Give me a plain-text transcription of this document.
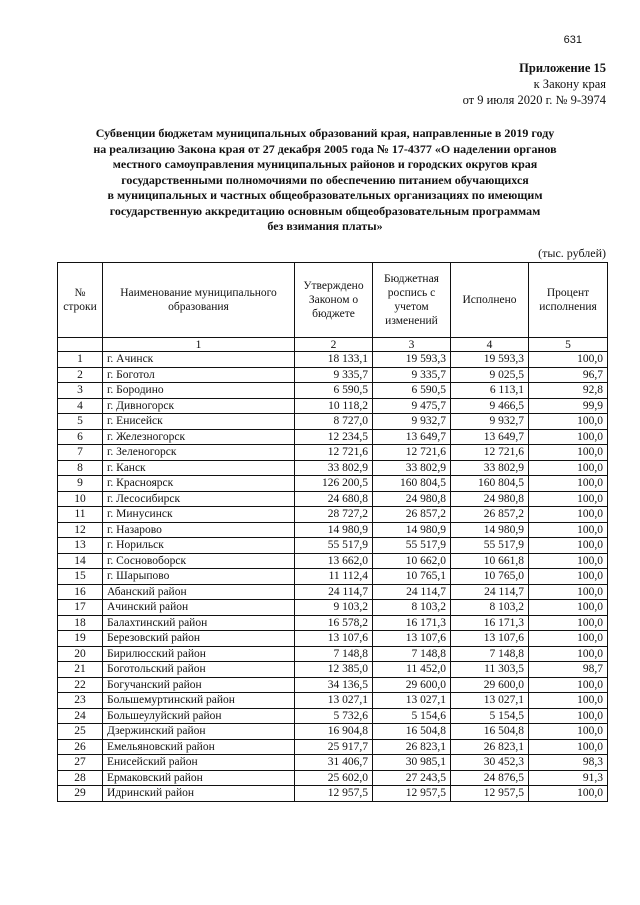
631
Приложение 15
к Закону края
от 9 июля 2020 г. № 9-3974
Субвенции бюджетам муниципальных образований края, направленные в 2019 году
на реализацию Закона края от 27 декабря 2005 года № 17-4377 «О наделении органов
местного самоуправления муниципальных районов и городских округов края
государственными полномочиями по обеспечению питанием обучающихся
в муниципальных и частных общеобразовательных организациях по имеющим
государственную аккредитацию основным общеобразовательным программам
без взимания платы»
(тыс. рублей)
№ строки	Наименование муниципального образования	Утверждено Законом о бюджете	Бюджетная роспись с учетом изменений	Исполнено	Процент исполнения
	1	2	3	4	5
1	г. Ачинск	18 133,1	19 593,3	19 593,3	100,0
2	г. Боготол	9 335,7	9 335,7	9 025,5	96,7
3	г. Бородино	6 590,5	6 590,5	6 113,1	92,8
4	г. Дивногорск	10 118,2	9 475,7	9 466,5	99,9
5	г. Енисейск	8 727,0	9 932,7	9 932,7	100,0
6	г. Железногорск	12 234,5	13 649,7	13 649,7	100,0
7	г. Зеленогорск	12 721,6	12 721,6	12 721,6	100,0
8	г. Канск	33 802,9	33 802,9	33 802,9	100,0
9	г. Красноярск	126 200,5	160 804,5	160 804,5	100,0
10	г. Лесосибирск	24 680,8	24 980,8	24 980,8	100,0
11	г. Минусинск	28 727,2	26 857,2	26 857,2	100,0
12	г. Назарово	14 980,9	14 980,9	14 980,9	100,0
13	г. Норильск	55 517,9	55 517,9	55 517,9	100,0
14	г. Сосновоборск	13 662,0	10 662,0	10 661,8	100,0
15	г. Шарыпово	11 112,4	10 765,1	10 765,0	100,0
16	Абанский район	24 114,7	24 114,7	24 114,7	100,0
17	Ачинский район	9 103,2	8 103,2	8 103,2	100,0
18	Балахтинский район	16 578,2	16 171,3	16 171,3	100,0
19	Березовский район	13 107,6	13 107,6	13 107,6	100,0
20	Бирилюсский район	7 148,8	7 148,8	7 148,8	100,0
21	Боготольский район	12 385,0	11 452,0	11 303,5	98,7
22	Богучанский район	34 136,5	29 600,0	29 600,0	100,0
23	Большемуртинский район	13 027,1	13 027,1	13 027,1	100,0
24	Большеулуйский район	5 732,6	5 154,6	5 154,5	100,0
25	Дзержинский район	16 904,8	16 504,8	16 504,8	100,0
26	Емельяновский район	25 917,7	26 823,1	26 823,1	100,0
27	Енисейский район	31 406,7	30 985,1	30 452,3	98,3
28	Ермаковский район	25 602,0	27 243,5	24 876,5	91,3
29	Идринский район	12 957,5	12 957,5	12 957,5	100,0
